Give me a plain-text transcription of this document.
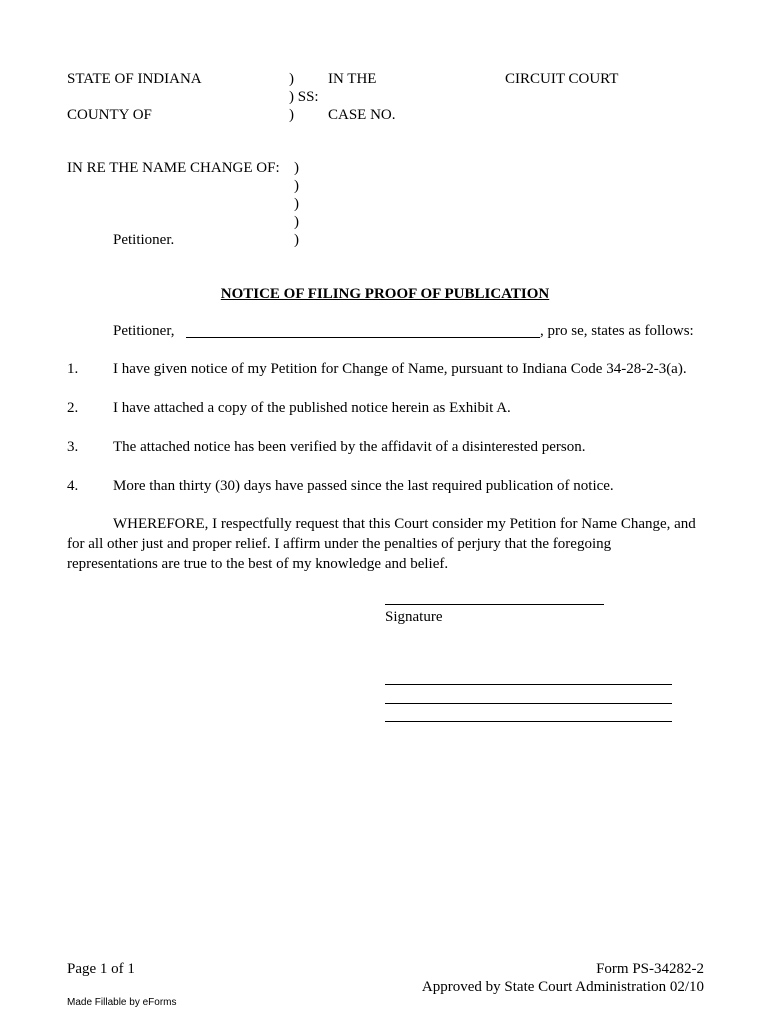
STATE OF INDIANA	) IN THE	CIRCUIT COURT
) SS:
COUNTY OF	) CASE NO.
IN RE THE NAME CHANGE OF: )
)
)
)
Petitioner.	)
NOTICE OF FILING PROOF OF PUBLICATION
Petitioner,	, pro se, states as follows:
1. I have given notice of my Petition for Change of Name, pursuant to Indiana Code 34-28-2-3(a).
2. I have attached a copy of the published notice herein as Exhibit A.
3. The attached notice has been verified by the affidavit of a disinterested person.
4. More than thirty (30) days have passed since the last required publication of notice.
WHEREFORE, I respectfully request that this Court consider my Petition for Name Change, and
for all other just and proper relief. I affirm under the penalties of perjury that the foregoing
representations are true to the best of my knowledge and belief.
Signature
Page 1 of 1	Form PS-34282-2
Approved by State Court Administration 02/10
Made Fillable by eForms
